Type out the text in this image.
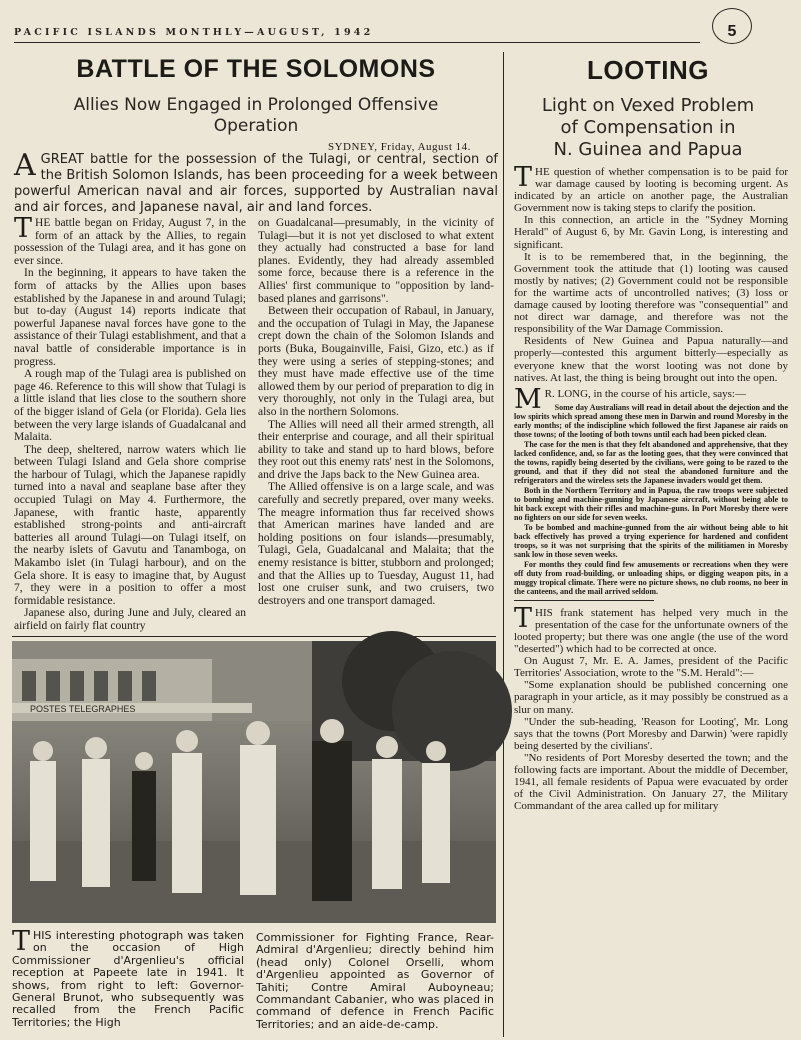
PACIFIC ISLANDS MONTHLY—AUGUST, 1942	5
BATTLE OF THE SOLOMONS
Allies Now Engaged in Prolonged Offensive
Operation
SYDNEY, Friday, August 14.
AGREAT battle for the possession of the Tulagi, or central, section of the British Solomon Islands, has been proceeding for a week between powerful American naval and air forces, supported by Australian naval and air forces, and Japanese naval, air and land forces.

THE battle began on Friday, August 7, in the form of an attack by the Allies, to regain possession of the Tulagi area, and it has gone on ever since.

In the beginning, it appears to have taken the form of attacks by the Allies upon bases established by the Japanese in and around Tulagi; but to-day (August 14) reports indicate that powerful Japanese naval forces have gone to the assistance of their Tulagi establishment, and that a naval battle of considerable importance is in progress.

A rough map of the Tulagi area is published on page 46. Reference to this will show that Tulagi is a little island that lies close to the southern shore of the bigger island of Gela (or Florida). Gela lies between the very large islands of Guadalcanal and Malaita.

The deep, sheltered, narrow waters which lie between Tulagi Island and Gela shore comprise the harbour of Tulagi, which the Japanese rapidly turned into a naval and seaplane base after they occupied Tulagi on May 4. Furthermore, the Japanese, with frantic haste, apparently established strong-points and anti-aircraft batteries all around Tulagi—on Tulagi itself, on the nearby islets of Gavutu and Tanamboga, on Makambo islet (in Tulagi harbour), and on the Gela shore. It is easy to imagine that, by August 7, they were in a position to offer a most formidable resistance.

Japanese also, during June and July, cleared an airfield on fairly flat country

on Guadalcanal—presumably, in the vicinity of Tulagi—but it is not yet disclosed to what extent they actually had constructed a base for land planes. Evidently, they had already assembled some force, because there is a reference in the Allies' first communique to "opposition by land-based planes and garrisons".

Between their occupation of Rabaul, in January, and the occupation of Tulagi in May, the Japanese crept down the chain of the Solomon Islands and ports (Buka, Bougainville, Faisi, Gizo, etc.) as if they were using a series of stepping-stones; and they must have made effective use of the time allowed them by our period of preparation to dig in very thoroughly, not only in the Tulagi area, but also in the northern Solomons.

The Allies will need all their armed strength, all their enterprise and courage, and all their spiritual ability to take and stand up to hard blows, before they root out this enemy rats' nest in the Solomons, and drive the Japs back to the New Guinea area.

The Allied offensive is on a large scale, and was carefully and secretly prepared, over many weeks. The meagre information thus far received shows that American marines have landed and are holding positions on four islands—presumably, Tulagi, Gela, Guadalcanal and Malaita; that the enemy resistance is bitter, stubborn and prolonged; and that the Allies up to Tuesday, August 11, had lost one cruiser sunk, and two cruisers, two destroyers and one transport damaged.

POSTES TELEGRAPHES

THIS interesting photograph was taken on the occasion of High Commissioner d'Argenlieu's official reception at Papeete late in 1941. It shows, from right to left: Governor-General Brunot, who subsequently was recalled from the French Pacific Territories; the High

Commissioner for Fighting France, Rear-Admiral d'Argenlieu; directly behind him (head only) Colonel Orselli, whom d'Argenlieu appointed as Governor of Tahiti; Contre Amiral Auboyneau; Commandant Cabanier, who was placed in command of defence in French Pacific Territories; and an aide-de-camp.

LOOTING
Light on Vexed Problem
of Compensation in
N. Guinea and Papua

THE question of whether compensation is to be paid for war damage caused by looting is becoming urgent. As indicated by an article on another page, the Australian Government now is taking steps to clarify the position.

In this connection, an article in the "Sydney Morning Herald" of August 6, by Mr. Gavin Long, is interesting and significant.

It is to be remembered that, in the beginning, the Government took the attitude that (1) looting was caused mostly by natives; (2) Government could not be responsible for the wartime acts of uncontrolled natives; (3) loss or damage caused by looting therefore was "consequential" and not direct war damage, and therefore was not the responsibility of the War Damage Commission.

Residents of New Guinea and Papua naturally—and properly—contested this argument bitterly—especially as everyone knew that the worst looting was not done by natives. At last, the thing is being brought out into the open.

M R. LONG, in the course of his article, says:—

Some day Australians will read in detail about the dejection and the low spirits which spread among these men in Darwin and round Moresby in the early months; of the indiscipline which followed the first Japanese air raids on those towns; of the looting of both towns until each had been picked clean.

The case for the men is that they felt abandoned and apprehensive, that they lacked confidence, and, so far as the looting goes, that they were convinced that the towns, rapidly being deserted by the civilians, were going to be razed to the ground, and that if they did not steal the abandoned furniture and the refrigerators and the wireless sets the Japanese invaders would get them.

Both in the Northern Territory and in Papua, the raw troops were subjected to bombing and machine-gunning by Japanese aircraft, without being able to hit back except with their rifles and machine-guns. In Port Moresby there were no fighters on our side for seven weeks.

To be bombed and machine-gunned from the air without being able to hit back effectively has proved a trying experience for hardened and confident troops, so it was not surprising that the spirits of the militiamen in Moresby sank low in those seven weeks.

For months they could find few amusements or recreations when they were off duty from road-building, or unloading ships, or digging weapon pits, in a muggy tropical climate. There were no picture shows, no club rooms, no beer in the canteens, and the mail arrived seldom.

THIS frank statement has helped very much in the presentation of the case for the unfortunate owners of the looted property; but there was one angle (the use of the word "deserted") which had to be corrected at once.

On August 7, Mr. E. A. James, president of the Pacific Territories' Association, wrote to the "S.M. Herald":—

"Some explanation should be published concerning one paragraph in your article, as it may possibly be construed as a slur on many.

"Under the sub-heading, 'Reason for Looting', Mr. Long says that the towns (Port Moresby and Darwin) 'were rapidly being deserted by the civilians'.

"No residents of Port Moresby deserted the town; and the following facts are important. About the middle of December, 1941, all female residents of Papua were evacuated by order of the Civil Administration. On January 27, the Military Commandant of the area called up for military
